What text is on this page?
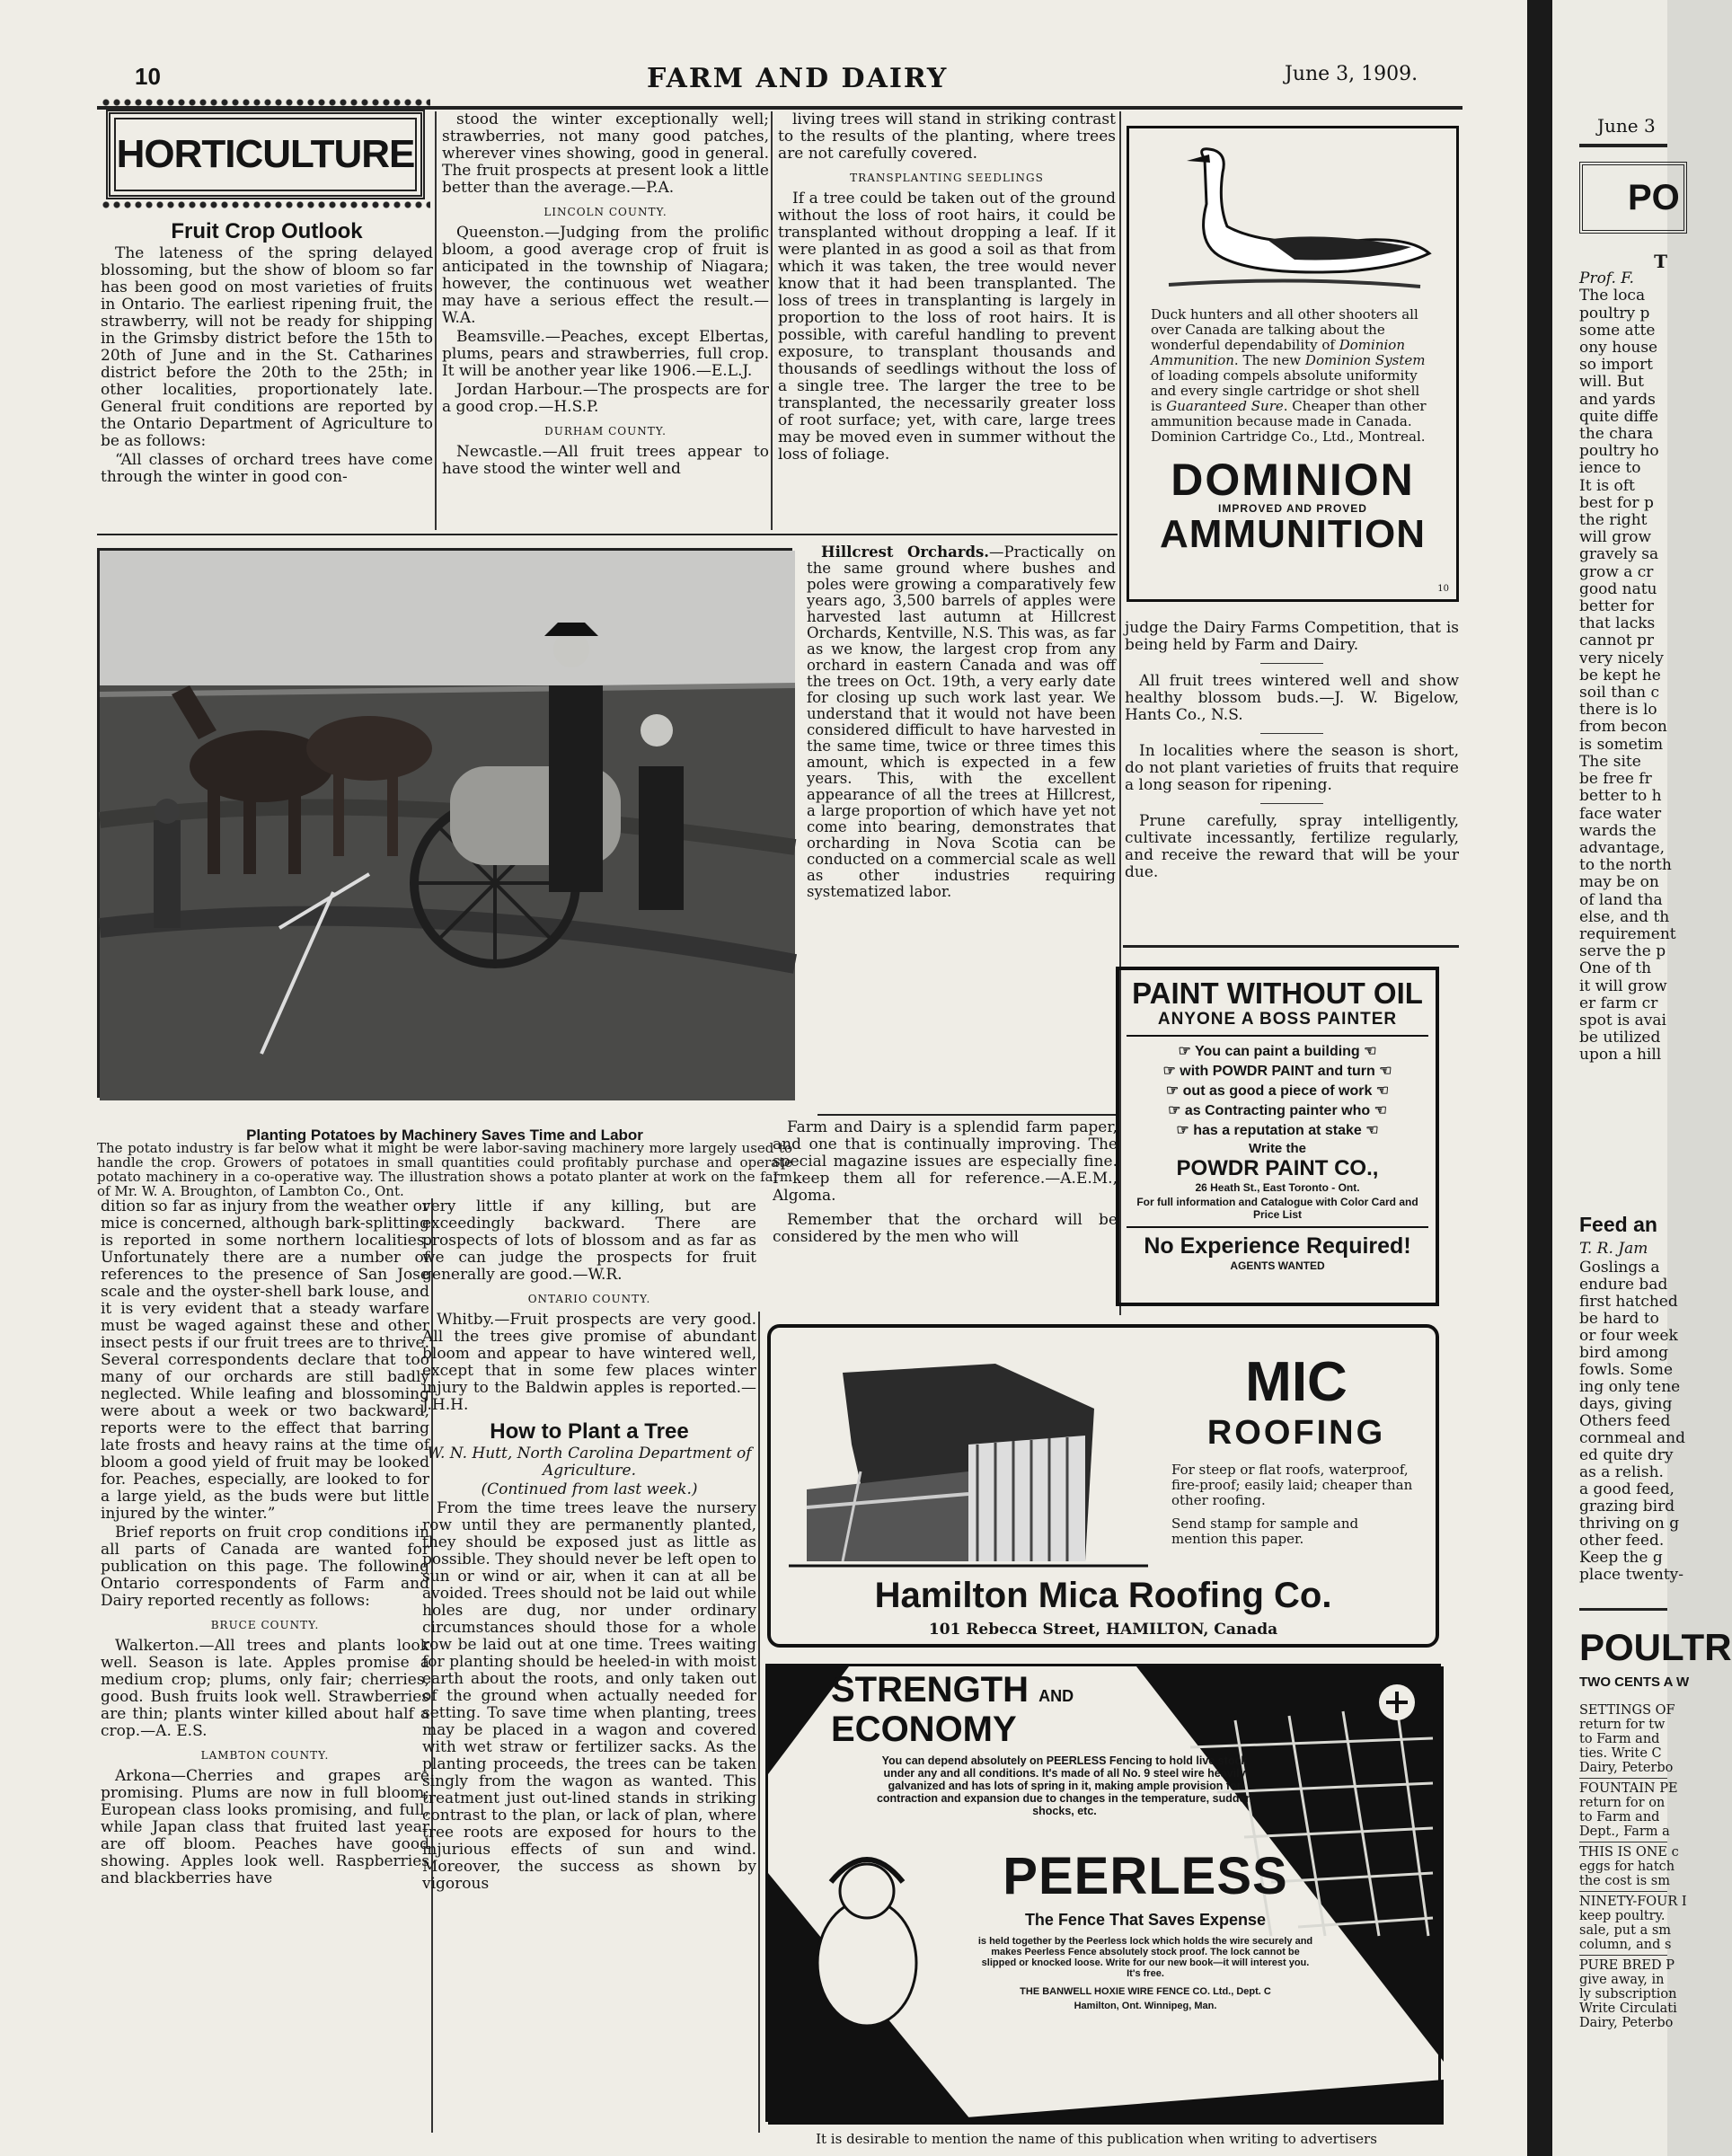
10	FARM AND DAIRY	June 3, 1909.
HORTICULTURE
Fruit Crop Outlook

The lateness of the spring delayed blossoming, but the show of bloom so far has been good on most varieties of fruits in Ontario. The earliest ripening fruit, the strawberry, will not be ready for shipping in the Grimsby district before the 15th to 20th of June and in the St. Catharines district before the 20th to the 25th; in other localities, proportionately late. General fruit conditions are reported by the Ontario Department of Agriculture to be as follows:

“All classes of orchard trees have come through the winter in good con-

stood the winter exceptionally well; strawberries, not many good patches, wherever vines showing, good in general. The fruit prospects at present look a little better than the average.—P.A.

LINCOLN COUNTY.

Queenston.—Judging from the prolific bloom, a good average crop of fruit is anticipated in the township of Niagara; however, the continuous wet weather may have a serious effect the result.—W.A.

Beamsville.—Peaches, except Elbertas, plums, pears and strawberries, full crop. It will be another year like 1906.—E.L.J.

Jordan Harbour.—The prospects are for a good crop.—H.S.P.

DURHAM COUNTY.

Newcastle.—All fruit trees appear to have stood the winter well and

living trees will stand in striking contrast to the results of the planting, where trees are not carefully covered.

TRANSPLANTING SEEDLINGS

If a tree could be taken out of the ground without the loss of root hairs, it could be transplanted without dropping a leaf. If it were planted in as good a soil as that from which it was taken, the tree would never know that it had been transplanted. The loss of trees in transplanting is largely in proportion to the loss of root hairs. It is possible, with careful handling to prevent exposure, to transplant thousands and thousands of seedlings without the loss of a single tree. The larger the tree to be transplanted, the necessarily greater loss of root surface; yet, with care, large trees may be moved even in summer without the loss of foliage.

Planting Potatoes by Machinery Saves Time and Labor
The potato industry is far below what it might be were labor-saving machinery more largely used to handle the crop. Growers of potatoes in small quantities could profitably purchase and operate potato machinery in a co-operative way. The illustration shows a potato planter at work on the farm of Mr. W. A. Broughton, of Lambton Co., Ont.

Hillcrest Orchards.—Practically on the same ground where bushes and poles were growing a comparatively few years ago, 3,500 barrels of apples were harvested last autumn at Hillcrest Orchards, Kentville, N.S. This was, as far as we know, the largest crop from any orchard in eastern Canada and was off the trees on Oct. 19th, a very early date for closing up such work last year. We understand that it would not have been considered difficult to have harvested in the same time, twice or three times this amount, which is expected in a few years. This, with the excellent appearance of all the trees at Hillcrest, a large proportion of which have yet not come into bearing, demonstrates that orcharding in Nova Scotia can be conducted on a commercial scale as well as other industries requiring systematized labor.

Farm and Dairy is a splendid farm paper, and one that is continually improving. The special magazine issues are especially fine. I keep them all for reference.—A.E.M., Algoma.

Remember that the orchard will be considered by the men who will

judge the Dairy Farms Competition, that is being held by Farm and Dairy.

All fruit trees wintered well and show healthy blossom buds.—J. W. Bigelow, Hants Co., N.S.

In localities where the season is short, do not plant varieties of fruits that require a long season for ripening.

Prune carefully, spray intelligently, cultivate incessantly, fertilize regularly, and receive the reward that will be your due.

Duck hunters and all other shooters all over Canada are talking about the wonderful dependability of Dominion Ammunition. The new Dominion System of loading compels absolute uniformity and every single cartridge or shot shell is Guaranteed Sure. Cheaper than other ammunition because made in Canada. Dominion Cartridge Co., Ltd., Montreal.
DOMINION
IMPROVED AND PROVED
AMMUNITION
10
PAINT WITHOUT OIL
ANYONE A BOSS PAINTER
☞ You can paint a building ☜
☞ with POWDR PAINT and turn ☜
☞ out as good a piece of work ☜
☞ as Contracting painter who ☜
☞ has a reputation at stake ☜
Write the
POWDR PAINT CO.,
26 Heath St., East Toronto - Ont.
For full information and Catalogue with Color Card and Price List
No Experience Required!
AGENTS WANTED

dition so far as injury from the weather or mice is concerned, although bark-splitting is reported in some northern localities. Unfortunately there are a number of references to the presence of San Jose scale and the oyster-shell bark louse, and it is very evident that a steady warfare must be waged against these and other insect pests if our fruit trees are to thrive. Several correspondents declare that too many of our orchards are still badly neglected. While leafing and blossoming were about a week or two backward, reports were to the effect that barring late frosts and heavy rains at the time of bloom a good yield of fruit may be looked for. Peaches, especially, are looked to for a large yield, as the buds were but little injured by the winter.”

Brief reports on fruit crop conditions in all parts of Canada are wanted for publication on this page. The following Ontario correspondents of Farm and Dairy reported recently as follows:

BRUCE COUNTY.

Walkerton.—All trees and plants look well. Season is late. Apples promise a medium crop; plums, only fair; cherries, good. Bush fruits look well. Strawberries are thin; plants winter killed about half a crop.—A. E.S.

LAMBTON COUNTY.

Arkona—Cherries and grapes are promising. Plums are now in full bloom; European class looks promising, and full, while Japan class that fruited last year are off bloom. Peaches have good showing. Apples look well. Raspberries and blackberries have

very little if any killing, but are exceedingly backward. There are prospects of lots of blossom and as far as we can judge the prospects for fruit generally are good.—W.R.

ONTARIO COUNTY.

Whitby.—Fruit prospects are very good. All the trees give promise of abundant bloom and appear to have wintered well, except that in some few places winter injury to the Baldwin apples is reported.—J.H.H.

How to Plant a Tree

W. N. Hutt, North Carolina Department of Agriculture.

(Continued from last week.)

From the time trees leave the nursery row until they are permanently planted, they should be exposed just as little as possible. They should never be left open to sun or wind or air, when it can at all be avoided. Trees should not be laid out while holes are dug, nor under ordinary circumstances should those for a whole row be laid out at one time. Trees waiting for planting should be heeled-in with moist earth about the roots, and only taken out of the ground when actually needed for setting. To save time when planting, trees may be placed in a wagon and covered with wet straw or fertilizer sacks. As the planting proceeds, the trees can be taken singly from the wagon as wanted. This treatment just out-lined stands in striking contrast to the plan, or lack of plan, where tree roots are exposed for hours to the injurious effects of sun and wind. Moreover, the success as shown by vigorous

MIC
ROOFING
For steep or flat roofs, waterproof, fire-proof; easily laid; cheaper than other roofing.
Send stamp for sample and mention this paper.
Hamilton Mica Roofing Co.
101 Rebecca Street, HAMILTON, Canada
STRENGTH AND
ECONOMY
You can depend absolutely on PEERLESS Fencing to hold live stock under any and all conditions. It's made of all No. 9 steel wire heavily galvanized and has lots of spring in it, making ample provision for contraction and expansion due to changes in the temperature, sudden shocks, etc.
PEERLESS
The Fence That Saves Expense
is held together by the Peerless lock which holds the wire securely and makes Peerless Fence absolutely stock proof. The lock cannot be slipped or knocked loose. Write for our new book—it will interest you. It's free.
THE BANWELL HOXIE WIRE FENCE CO. Ltd., Dept. C
Hamilton, Ont. Winnipeg, Man.
It is desirable to mention the name of this publication when writing to advertisers
June 3
PO
T
Prof. F.
The loca
poultry p
some atte
ony house
so import
will. But
and yards
quite diffe
the chara
poultry ho
ience to
It is oft
best for p
the right
will grow
gravely sa
grow a cr
good natu
better for
that lacks
cannot pr
very nicely
be kept he
soil than c
there is lo
from becon
is sometim
The site
be free fr
better to h
face water
wards the
advantage,
to the north
may be on
of land tha
else, and th
requirement
serve the p
One of th
it will grow
er farm cr
spot is avai
be utilized
upon a hill
Feed an
T. R. Jam
Goslings a
endure bad
first hatched
be hard to
or four week
bird among
fowls. Some
ing only tene
days, giving
Others feed
cornmeal and
ed quite dry
as a relish.
a good feed,
grazing bird
thriving on g
other feed.
Keep the g
place twenty-
POULTR
TWO CENTS A W
SETTINGS OF
return for tw
to Farm and
ties. Write C
Dairy, Peterbo
FOUNTAIN PE
return for on
to Farm and
Dept., Farm a
THIS IS ONE c
eggs for hatch
the cost is sm
NINETY-FOUR I
keep poultry.
sale, put a sm
column, and s
PURE BRED P
give away, in
ly subscription
Write Circulati
Dairy, Peterbo
